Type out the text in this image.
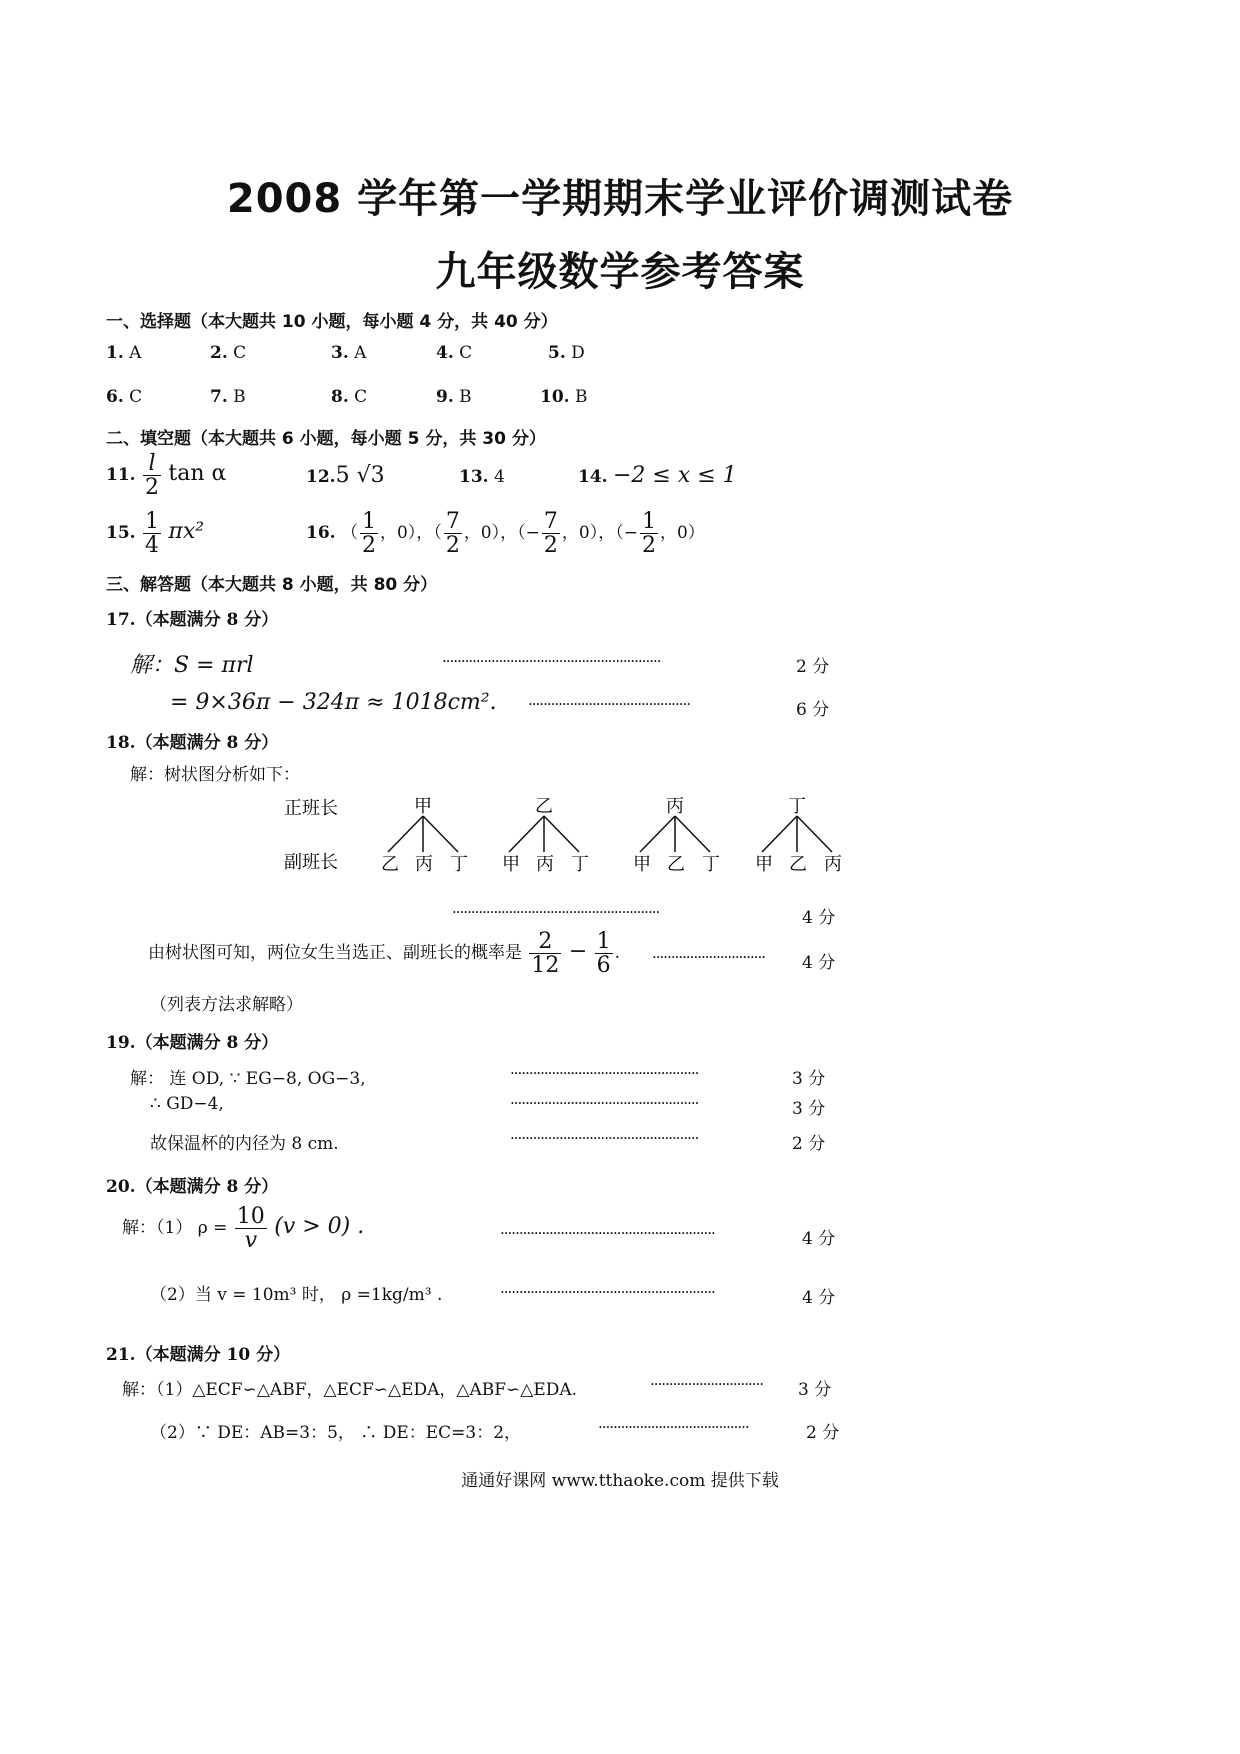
2008 学年第一学期期末学业评价调测试卷
九年级数学参考答案
一、选择题（本大题共 10 小题，每小题 4 分，共 40 分）
1. A	2. C	3. A	4. C	5. D
6. C	7. B	8. C	9. B	10. B
二、填空题（本大题共 6 小题，每小题 5 分，共 30 分）
11. $\frac{l}{2}$ tan α	12.5 √3	13. 4	14. −2 ≤ x ≤ 1
15. $\frac{1}{4} \pi x^2$	16. （ $\frac{1}{2}$ ，0），（ $\frac{7}{2}$ ，0），（− $\frac{7}{2}$ ，0），（− $\frac{1}{2}$ ，0）
三、解答题（本大题共 8 小题，共 80 分）
17.（本题满分 8 分）
解：S = πrl	··························································	2 分
= 9×36π − 324π ≈ 1018cm². ···········································	6 分
18.（本题满分 8 分）
解：树状图分析如下：
正班长
副班长
甲
乙 丙 丁
乙
甲 丙 丁
丙
甲 乙 丁
丁
甲 乙 丙
·······················································	4 分
由树状图可知，两位女生当选正、副班长的概率是 $\frac{2}{12} - \frac{1}{6}$ . ······························ 4 分
（列表方法求解略）
19.（本题满分 8 分）
解： 连 OD, ∵ EG−8, OG−3,	··················································	3 分
∴ GD−4,	··················································	3 分
故保温杯的内径为 8 cm.	··················································	2 分
20.（本题满分 8 分）
解：（1） $\rho = \frac{10}{v} (v > 0)$ .	·························································	4 分
（2）当 v = 10m³ 时， ρ =1kg/m³ .	·························································	4 分
21.（本题满分 10 分）
解：（1）△ECF∽△ABF，△ECF∽△EDA，△ABF∽△EDA.	······························ 3 分
（2）∵ DE：AB=3：5， ∴ DE：EC=3：2，	········································	2 分
通通好课网 www.tthaoke.com 提供下载
